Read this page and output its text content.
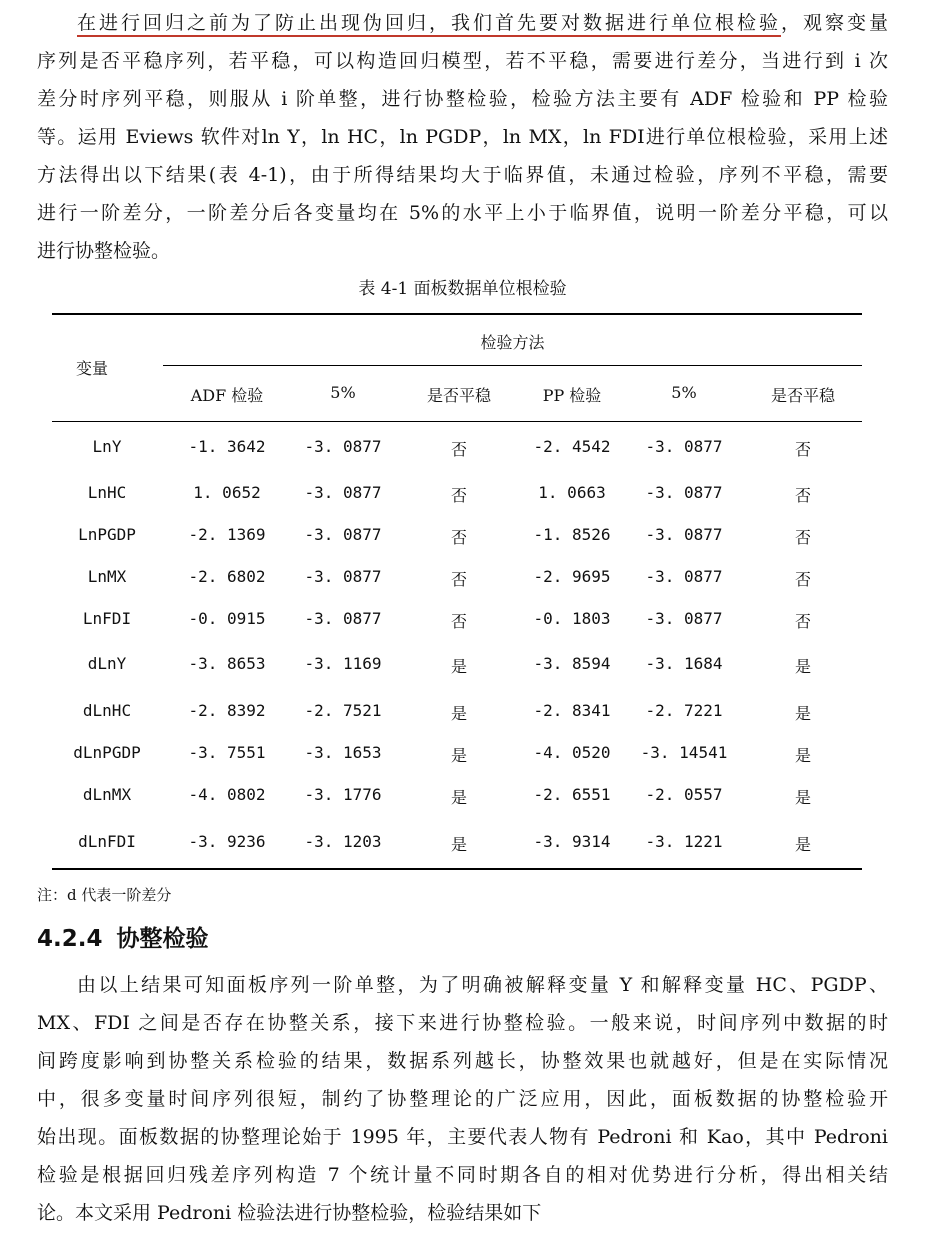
在进行回归之前为了防止出现伪回归，我们首先要对数据进行单位根检验，观察变量
序列是否平稳序列，若平稳，可以构造回归模型，若不平稳，需要进行差分，当进行到 i 次
差分时序列平稳，则服从 i 阶单整，进行协整检验，检验方法主要有 ADF 检验和 PP 检验
等。运用 Eviews 软件对ln Y，ln HC，ln PGDP，ln MX，ln FDI进行单位根检验，采用上述
方法得出以下结果(表 4-1)，由于所得结果均大于临界值，未通过检验，序列不平稳，需要
进行一阶差分，一阶差分后各变量均在 5%的水平上小于临界值，说明一阶差分平稳，可以
进行协整检验。
表 4-1 面板数据单位根检验
变量
检验方法
ADF 检验	5%	是否平稳	PP 检验	5%	是否平稳
LnY	-1. 3642	-3. 0877	否	-2. 4542	-3. 0877	否
LnHC	1. 0652	-3. 0877	否	1. 0663	-3. 0877	否
LnPGDP	-2. 1369	-3. 0877	否	-1. 8526	-3. 0877	否
LnMX	-2. 6802	-3. 0877	否	-2. 9695	-3. 0877	否
LnFDI	-0. 0915	-3. 0877	否	-0. 1803	-3. 0877	否
dLnY	-3. 8653	-3. 1169	是	-3. 8594	-3. 1684	是
dLnHC	-2. 8392	-2. 7521	是	-2. 8341	-2. 7221	是
dLnPGDP	-3. 7551	-3. 1653	是	-4. 0520	-3. 14541	是
dLnMX	-4. 0802	-3. 1776	是	-2. 6551	-2. 0557	是
dLnFDI	-3. 9236	-3. 1203	是	-3. 9314	-3. 1221	是
注：d 代表一阶差分
4.2.4 协整检验
由以上结果可知面板序列一阶单整，为了明确被解释变量 Y 和解释变量 HC、PGDP、
MX、FDI 之间是否存在协整关系，接下来进行协整检验。一般来说，时间序列中数据的时
间跨度影响到协整关系检验的结果，数据系列越长，协整效果也就越好，但是在实际情况
中，很多变量时间序列很短，制约了协整理论的广泛应用，因此，面板数据的协整检验开
始出现。面板数据的协整理论始于 1995 年，主要代表人物有 Pedroni 和 Kao，其中 Pedroni
检验是根据回归残差序列构造 7 个统计量不同时期各自的相对优势进行分析，得出相关结
论。本文采用 Pedroni 检验法进行协整检验，检验结果如下
